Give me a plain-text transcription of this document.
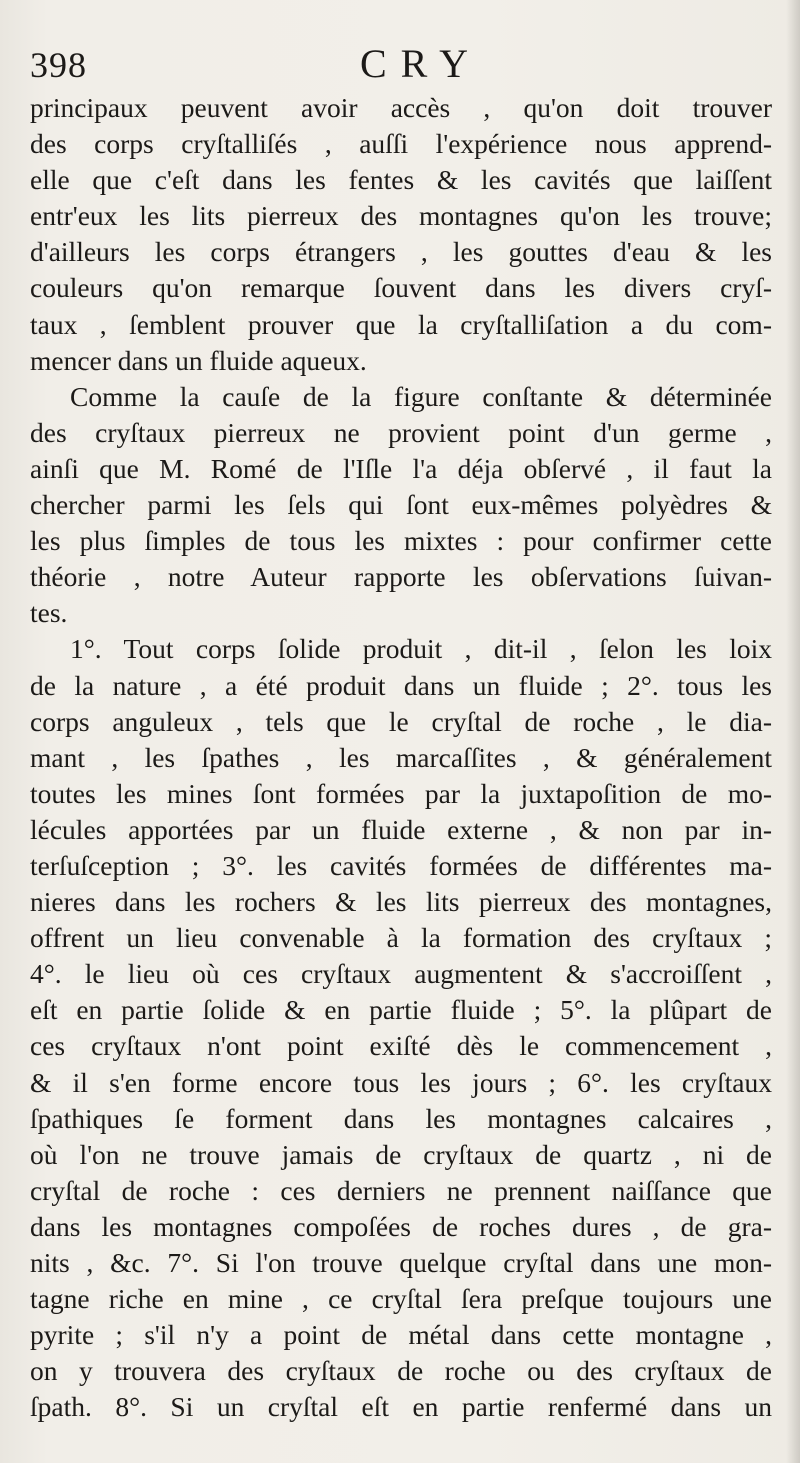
398	CRY
principaux peuvent avoir accès , qu'on doit trouver
des corps cryſtalliſés , auſſi l'expérience nous apprend-
elle que c'eſt dans les fentes & les cavités que laiſſent
entr'eux les lits pierreux des montagnes qu'on les trouve;
d'ailleurs les corps étrangers , les gouttes d'eau & les
couleurs qu'on remarque ſouvent dans les divers cryſ-
taux , ſemblent prouver que la cryſtalliſation a du com-
mencer dans un fluide aqueux.
Comme la cauſe de la figure conſtante & déterminée
des cryſtaux pierreux ne provient point d'un germe ,
ainſi que M. Romé de l'Iſle l'a déja obſervé , il faut la
chercher parmi les ſels qui ſont eux-mêmes polyèdres &
les plus ſimples de tous les mixtes : pour confirmer cette
théorie , notre Auteur rapporte les obſervations ſuivan-
tes.
1°. Tout corps ſolide produit , dit-il , ſelon les loix
de la nature , a été produit dans un fluide ; 2°. tous les
corps anguleux , tels que le cryſtal de roche , le dia-
mant , les ſpathes , les marcaſſites , & généralement
toutes les mines ſont formées par la juxtapoſition de mo-
lécules apportées par un fluide externe , & non par in-
terſuſception ; 3°. les cavités formées de différentes ma-
nieres dans les rochers & les lits pierreux des montagnes,
offrent un lieu convenable à la formation des cryſtaux ;
4°. le lieu où ces cryſtaux augmentent & s'accroiſſent ,
eſt en partie ſolide & en partie fluide ; 5°. la plûpart de
ces cryſtaux n'ont point exiſté dès le commencement ,
& il s'en forme encore tous les jours ; 6°. les cryſtaux
ſpathiques ſe forment dans les montagnes calcaires ,
où l'on ne trouve jamais de cryſtaux de quartz , ni de
cryſtal de roche : ces derniers ne prennent naiſſance que
dans les montagnes compoſées de roches dures , de gra-
nits , &c. 7°. Si l'on trouve quelque cryſtal dans une mon-
tagne riche en mine , ce cryſtal ſera preſque toujours une
pyrite ; s'il n'y a point de métal dans cette montagne ,
on y trouvera des cryſtaux de roche ou des cryſtaux de
ſpath. 8°. Si un cryſtal eſt en partie renfermé dans un
